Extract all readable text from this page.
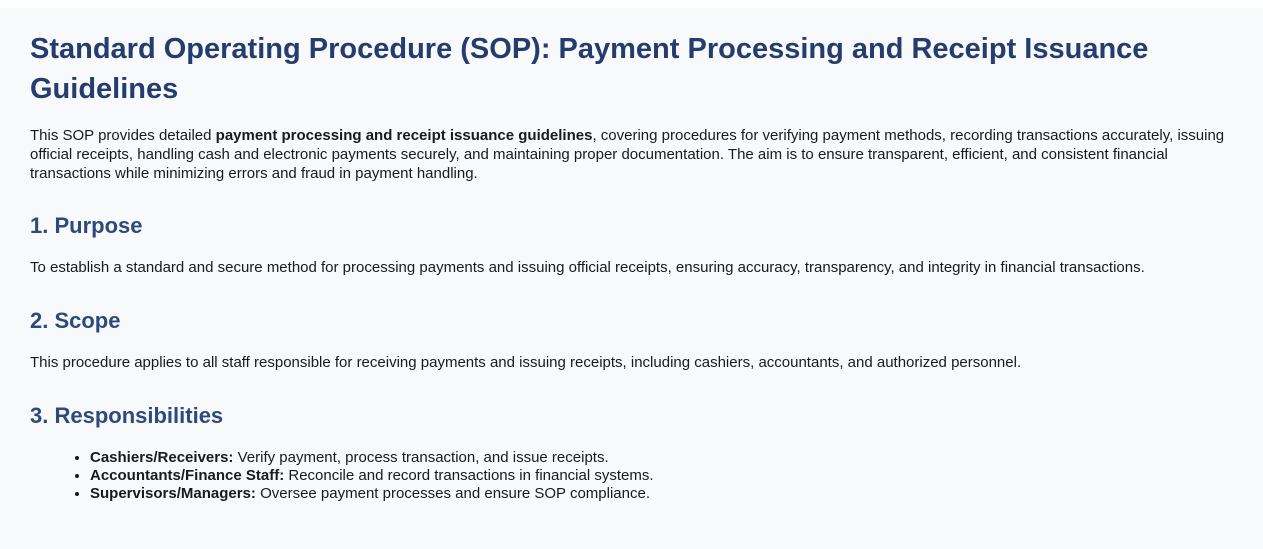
Standard Operating Procedure (SOP): Payment Processing and Receipt Issuance Guidelines

This SOP provides detailed payment processing and receipt issuance guidelines, covering procedures for verifying payment methods, recording transactions accurately, issuing official receipts, handling cash and electronic payments securely, and maintaining proper documentation. The aim is to ensure transparent, efficient, and consistent financial transactions while minimizing errors and fraud in payment handling.

1. Purpose

To establish a standard and secure method for processing payments and issuing official receipts, ensuring accuracy, transparency, and integrity in financial transactions.

2. Scope

This procedure applies to all staff responsible for receiving payments and issuing receipts, including cashiers, accountants, and authorized personnel.

3. Responsibilities
• Cashiers/Receivers: Verify payment, process transaction, and issue receipts.
• Accountants/Finance Staff: Reconcile and record transactions in financial systems.
• Supervisors/Managers: Oversee payment processes and ensure SOP compliance.
